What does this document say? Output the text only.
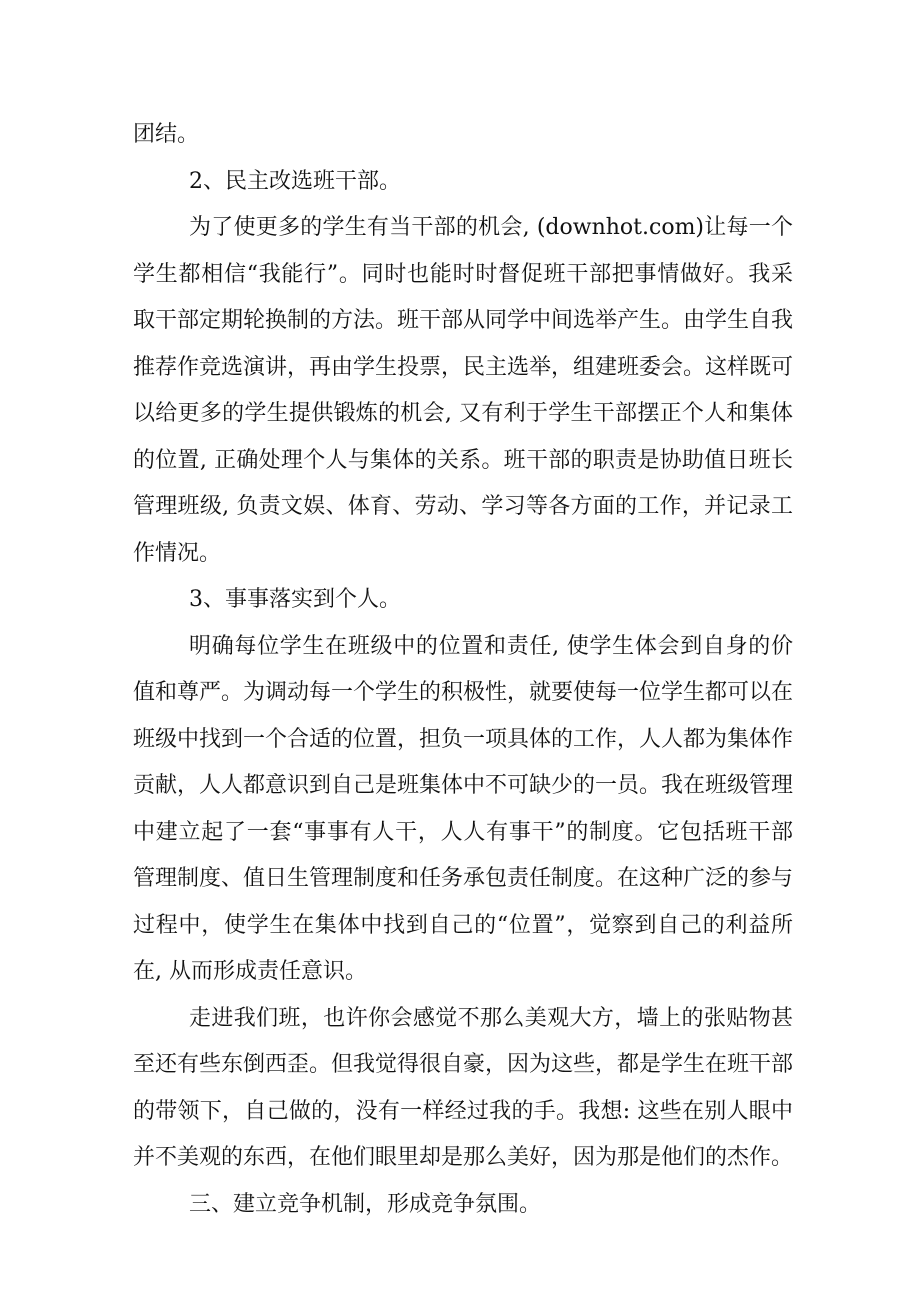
团结。

2、民主改选班干部。

为了使更多的学生有当干部的机会, (downhot.com)让每一个学生都相信“我能行”。同时也能时时督促班干部把事情做好。我采取干部定期轮换制的方法。班干部从同学中间选举产生。由学生自我推荐作竞选演讲，再由学生投票，民主选举，组建班委会。这样既可以给更多的学生提供锻炼的机会, 又有利于学生干部摆正个人和集体的位置, 正确处理个人与集体的关系。班干部的职责是协助值日班长管理班级, 负责文娱、体育、劳动、学习等各方面的工作，并记录工作情况。

3、事事落实到个人。

明确每位学生在班级中的位置和责任, 使学生体会到自身的价值和尊严。为调动每一个学生的积极性，就要使每一位学生都可以在班级中找到一个合适的位置，担负一项具体的工作，人人都为集体作贡献，人人都意识到自己是班集体中不可缺少的一员。我在班级管理中建立起了一套“事事有人干，人人有事干”的制度。它包括班干部管理制度、值日生管理制度和任务承包责任制度。在这种广泛的参与过程中，使学生在集体中找到自己的“位置”，觉察到自己的利益所在, 从而形成责任意识。

走进我们班，也许你会感觉不那么美观大方，墙上的张贴物甚至还有些东倒西歪。但我觉得很自豪，因为这些，都是学生在班干部的带领下，自己做的，没有一样经过我的手。我想: 这些在别人眼中并不美观的东西，在他们眼里却是那么美好，因为那是他们的杰作。

三、建立竞争机制，形成竞争氛围。
